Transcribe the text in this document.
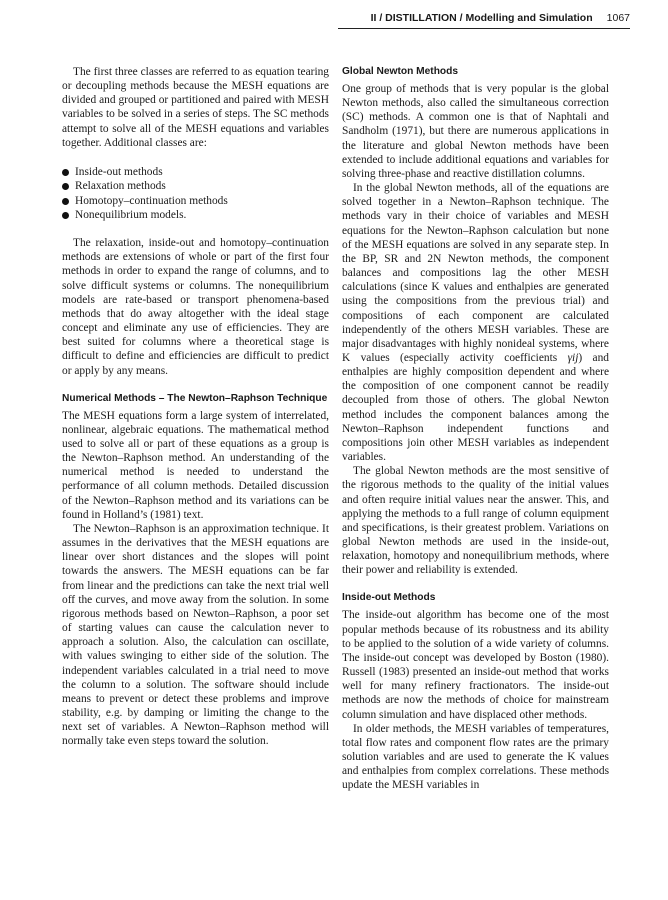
II / DISTILLATION / Modelling and Simulation 1067

The first three classes are referred to as equation tearing or decoupling methods because the MESH equations are divided and grouped or partitioned and paired with MESH variables to be solved in a series of steps. The SC methods attempt to solve all of the MESH equations and variables together. Additional classes are:

Inside-out methods
Relaxation methods
Homotopy–continuation methods
Nonequilibrium models.

The relaxation, inside-out and homotopy–continuation methods are extensions of whole or part of the first four methods in order to expand the range of columns, and to solve difficult systems or columns. The nonequilibrium models are rate-based or transport phenomena-based methods that do away altogether with the ideal stage concept and eliminate any use of efficiencies. They are best suited for columns where a theoretical stage is difficult to define and efficiencies are difficult to predict or apply by any means.

Numerical Methods – The Newton–Raphson Technique

The MESH equations form a large system of interrelated, nonlinear, algebraic equations. The mathematical method used to solve all or part of these equations as a group is the Newton–Raphson method. An understanding of the numerical method is needed to understand the performance of all column methods. Detailed discussion of the Newton–Raphson method and its variations can be found in Holland’s (1981) text.

The Newton–Raphson is an approximation technique. It assumes in the derivatives that the MESH equations are linear over short distances and the slopes will point towards the answers. The MESH equations can be far from linear and the predictions can take the next trial well off the curves, and move away from the solution. In some rigorous methods based on Newton–Raphson, a poor set of starting values can cause the calculation never to approach a solution. Also, the calculation can oscillate, with values swinging to either side of the solution. The independent variables calculated in a trial need to move the column to a solution. The software should include means to prevent or detect these problems and improve stability, e.g. by damping or limiting the change to the next set of variables. A Newton–Raphson method will normally take even steps toward the solution.

Global Newton Methods

One group of methods that is very popular is the global Newton methods, also called the simultaneous correction (SC) methods. A common one is that of Naphtali and Sandholm (1971), but there are numerous applications in the literature and global Newton methods have been extended to include additional equations and variables for solving three-phase and reactive distillation columns.

In the global Newton methods, all of the equations are solved together in a Newton–Raphson technique. The methods vary in their choice of variables and MESH equations for the Newton–Raphson calculation but none of the MESH equations are solved in any separate step. In the BP, SR and 2N Newton methods, the component balances and compositions lag the other MESH calculations (since K values and enthalpies are generated using the compositions from the previous trial) and compositions of each component are calculated independently of the others MESH variables. These are major disadvantages with highly nonideal systems, where K values (especially activity coefficients γij) and enthalpies are highly composition dependent and where the composition of one component cannot be readily decoupled from those of others. The global Newton method includes the component balances among the Newton–Raphson independent functions and compositions join other MESH variables as independent variables.

The global Newton methods are the most sensitive of the rigorous methods to the quality of the initial values and often require initial values near the answer. This, and applying the methods to a full range of column equipment and specifications, is their greatest problem. Variations on global Newton methods are used in the inside-out, relaxation, homotopy and nonequilibrium methods, where their power and reliability is extended.

Inside-out Methods

The inside-out algorithm has become one of the most popular methods because of its robustness and its ability to be applied to the solution of a wide variety of columns. The inside-out concept was developed by Boston (1980). Russell (1983) presented an inside-out method that works well for many refinery fractionators. The inside-out methods are now the methods of choice for mainstream column simulation and have displaced other methods.

In older methods, the MESH variables of temperatures, total flow rates and component flow rates are the primary solution variables and are used to generate the K values and enthalpies from complex correlations. These methods update the MESH variables in
